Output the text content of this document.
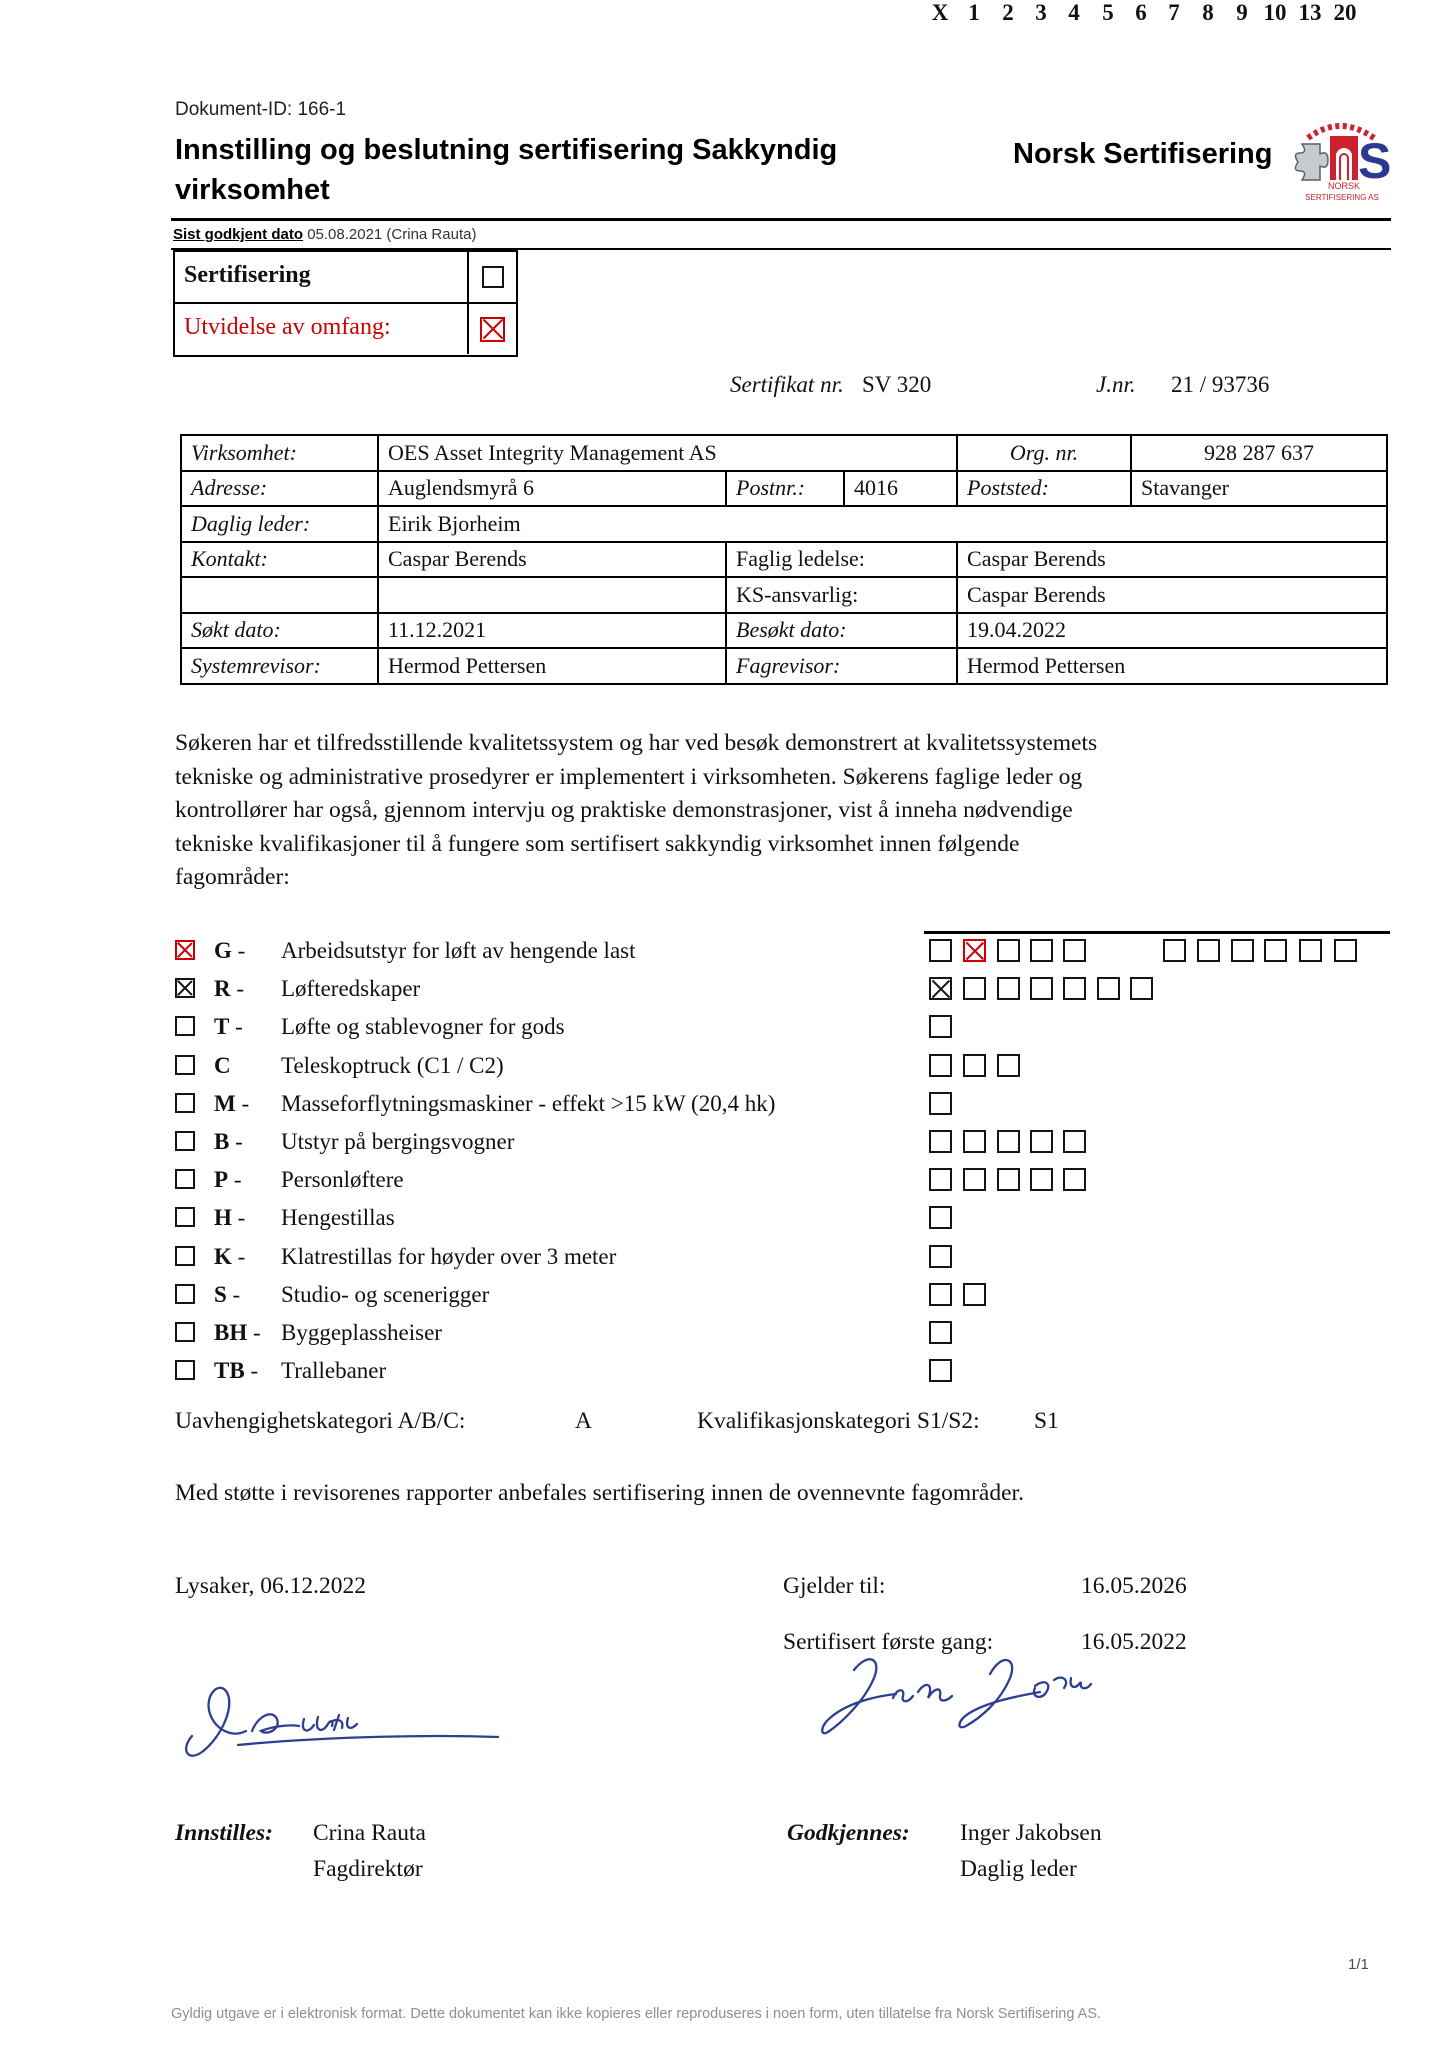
Dokument-ID: 166-1
Innstilling og beslutning sertifisering Sakkyndig virksomhet
Norsk Sertifisering S
NORSK
SERTIFISERING AS
Sist godkjent dato 05.08.2021 (Crina Rauta)
Sertifisering
Utvidelse av omfang:
Sertifikat nr. SV 320	J.nr. 21 / 93736
Virksomhet:	OES Asset Integrity Management AS			Org. nr.	928 287 637
Adresse:	Auglendsmyrå 6	Postnr.:	4016	Poststed:	Stavanger
Daglig leder:	Eirik Bjorheim				
Kontakt:	Caspar Berends	Faglig ledelse:		Caspar Berends	
		KS-ansvarlig:		Caspar Berends	
Søkt dato:	11.12.2021	Besøkt dato:		19.04.2022	
Systemrevisor:	Hermod Pettersen	Fagrevisor:		Hermod Pettersen	
Søkeren har et tilfredsstillende kvalitetssystem og har ved besøk demonstrert at kvalitetssystemets
tekniske og administrative prosedyrer er implementert i virksomheten. Søkerens faglige leder og
kontrollører har også, gjennom intervju og praktiske demonstrasjoner, vist å inneha nødvendige
tekniske kvalifikasjoner til å fungere som sertifisert sakkyndig virksomhet innen følgende
fagområder:
X 1 2 3 4 5 6 7 8 9 10 13 20
G - Arbeidsutstyr for løft av hengende last
R - Løfteredskaper
T - Løfte og stablevogner for gods
C Teleskoptruck (C1 / C2)
M - Masseforflytningsmaskiner - effekt >15 kW (20,4 hk)
B - Utstyr på bergingsvogner
P - Personløftere
H - Hengestillas
K - Klatrestillas for høyder over 3 meter
S - Studio- og scenerigger
BH - Byggeplassheiser
TB - Trallebaner
Uavhengighetskategori A/B/C:	A	Kvalifikasjonskategori S1/S2: S1
Med støtte i revisorenes rapporter anbefales sertifisering innen de ovennevnte fagområder.
Lysaker, 06.12.2022	Gjelder til:	16.05.2026
Sertifisert første gang:	16.05.2022
Innstilles: Crina Rauta
Fagdirektør
Godkjennes: Inger Jakobsen
Daglig leder
1/1
Gyldig utgave er i elektronisk format. Dette dokumentet kan ikke kopieres eller reproduseres i noen form, uten tillatelse fra Norsk Sertifisering AS.
